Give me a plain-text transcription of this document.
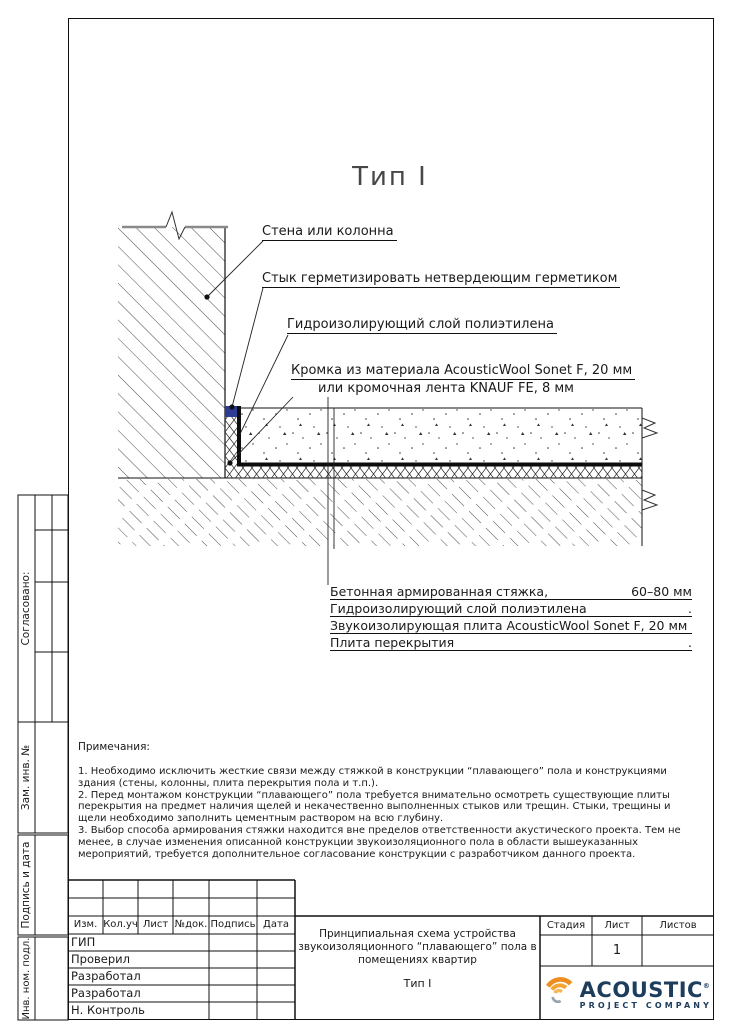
Тип I
Стена или колонна
Стык герметизировать нетвердеющим герметиком
Гидроизолирующий слой полиэтилена
Кромка из материала AcousticWool Sonet F, 20 мм
или кромочная лента KNAUF FE, 8 мм
Бетонная армированная стяжка,	60–80 мм
Гидроизолирующий слой полиэтилена	.
Звукоизолирующая плита AcousticWool Sonet F, 20 мм
Плита перекрытия	.
Примечания:
1. Необходимо исключить жесткие связи между стяжкой в конструкции “плавающего” пола и конструкциями здания (стены, колонны, плита перекрытия пола и т.п.).
2. Перед монтажом конструкции “плавающего” пола требуется внимательно осмотреть существующие плиты перекрытия на предмет наличия щелей и некачественно выполненных стыков или трещин. Стыки, трещины и щели необходимо заполнить цементным раствором на всю глубину.
3. Выбор способа армирования стяжки находится вне пределов ответственности акустического проекта. Тем не менее, в случае изменения описанной конструкции звукоизоляционного пола в области вышеуказанных мероприятий, требуется дополнительное согласование конструкции с разработчиком данного проекта.
Согласовано:
Зам. инв. №
Подпись и дата
Инв. ном. подл.
Изм. Кол.уч Лист №док. Подпись Дата
ГИП
Проверил
Разработал
Разработал
Н. Контроль
Принципиальная схема устройства
звукоизоляционного “плавающего” пола в
помещениях квартир
Тип I
Стадия	Лист	Листов
1
ACOUSTIC®
PROJECT COMPANY
